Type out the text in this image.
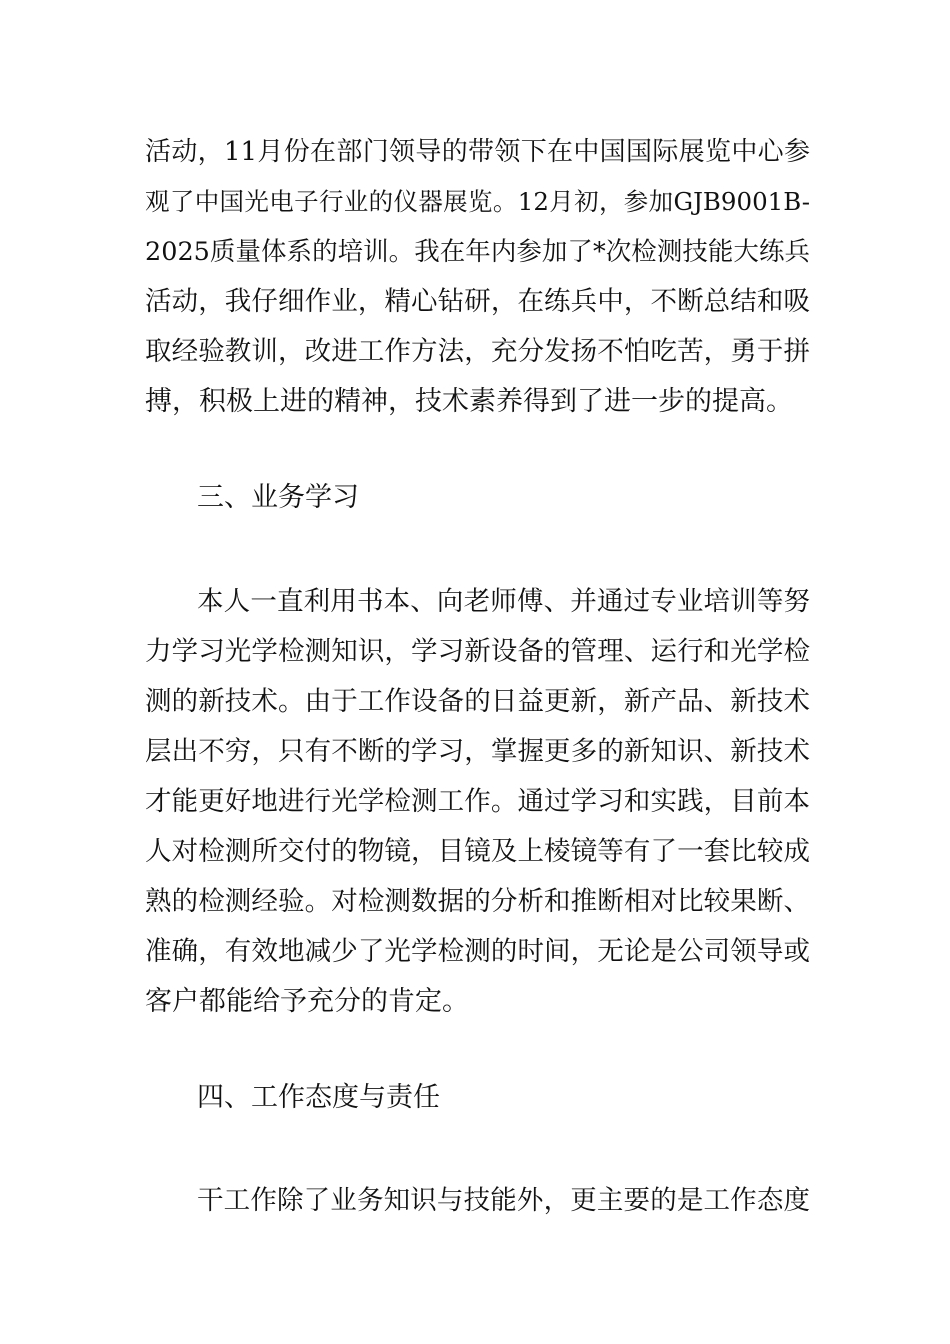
活动，11月份在部门领导的带领下在中国国际展览中心参
观了中国光电子行业的仪器展览。12月初，参加GJB9001B-
2025质量体系的培训。我在年内参加了*次检测技能大练兵
活动，我仔细作业，精心钻研，在练兵中，不断总结和吸
取经验教训，改进工作方法，充分发扬不怕吃苦，勇于拼
搏，积极上进的精神，技术素养得到了进一步的提高。
三、业务学习
本人一直利用书本、向老师傅、并通过专业培训等努
力学习光学检测知识，学习新设备的管理、运行和光学检
测的新技术。由于工作设备的日益更新，新产品、新技术
层出不穷，只有不断的学习，掌握更多的新知识、新技术
才能更好地进行光学检测工作。通过学习和实践，目前本
人对检测所交付的物镜，目镜及上棱镜等有了一套比较成
熟的检测经验。对检测数据的分析和推断相对比较果断、
准确，有效地减少了光学检测的时间，无论是公司领导或
客户都能给予充分的肯定。
四、工作态度与责任
干工作除了业务知识与技能外，更主要的是工作态度
